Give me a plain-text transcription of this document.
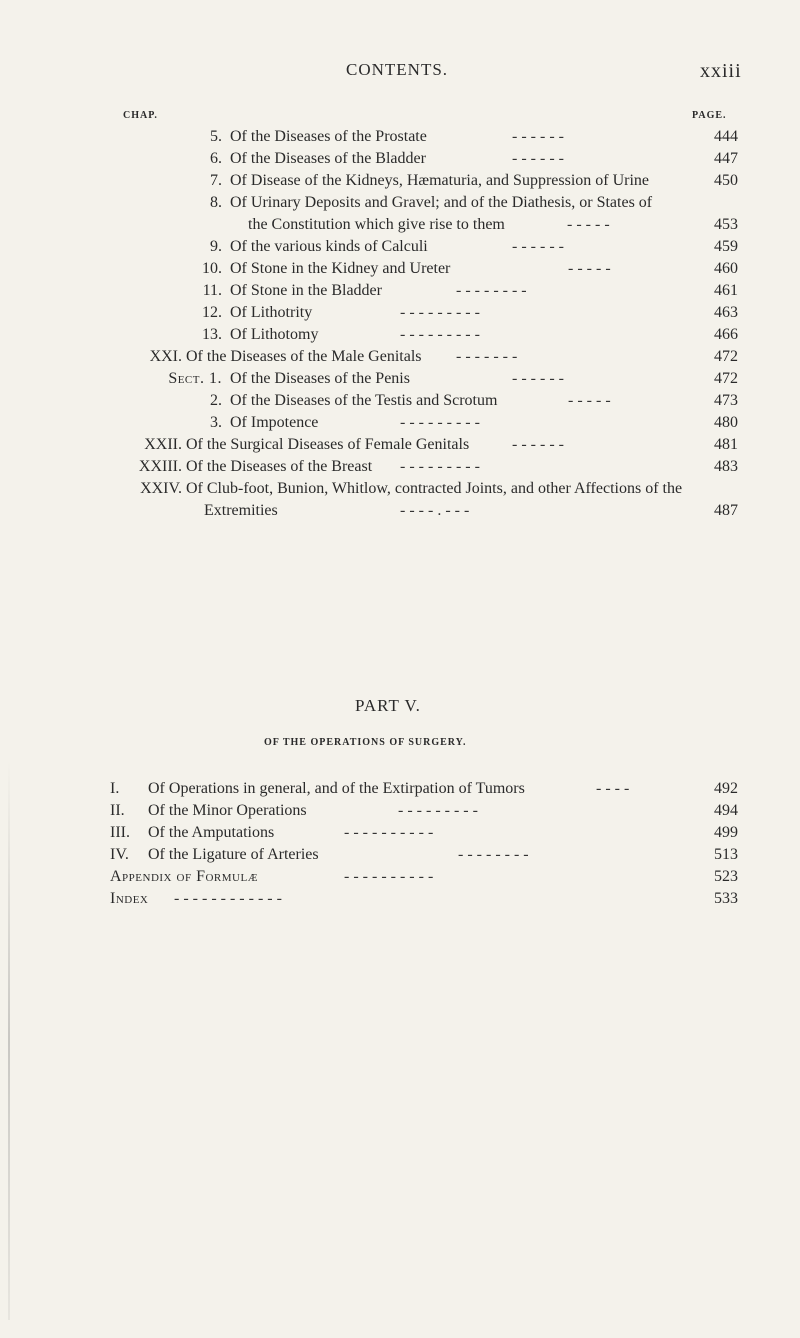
CONTENTS.	xxiii
CHAP.	PAGE.
5. Of the Diseases of the Prostate	- - - - - -	444
6. Of the Diseases of the Bladder	- - - - - -	447
7. Of Disease of the Kidneys, Hæmaturia, and Suppression of Urine	450
8. Of Urinary Deposits and Gravel; and of the Diathesis, or States of
the Constitution which give rise to them	- - - - -	453
9. Of the various kinds of Calculi	- - - - - -	459
10. Of Stone in the Kidney and Ureter	- - - - -	460
11. Of Stone in the Bladder	- - - - - - - -	461
12. Of Lithotrity	- - - - - - - - -	463
13. Of Lithotomy	- - - - - - - - -	466
XXI. Of the Diseases of the Male Genitals - - - - - - -	472
Sect. 1. Of the Diseases of the Penis	- - - - - -	472
2. Of the Diseases of the Testis and Scrotum	- - - - -	473
3. Of Impotence	- - - - - - - - -	480
XXII. Of the Surgical Diseases of Female Genitals	- - - - - -	481
XXIII. Of the Diseases of the Breast - - - - - - - - -	483
XXIV. Of Club-foot, Bunion, Whitlow, contracted Joints, and other Affections of the
Extremities	- - - - . - - -	487
PART V.
OF THE OPERATIONS OF SURGERY.
I.	Of Operations in general, and of the Extirpation of Tumors	- - - -	492
II.	Of the Minor Operations	- - - - - - - - -	494
III.	Of the Amputations	- - - - - - - - - -	499
IV.	Of the Ligature of Arteries	- - - - - - - -	513
Appendix of Formulæ	- - - - - - - - - -	523
Index - - - - - - - - - - - -	533
